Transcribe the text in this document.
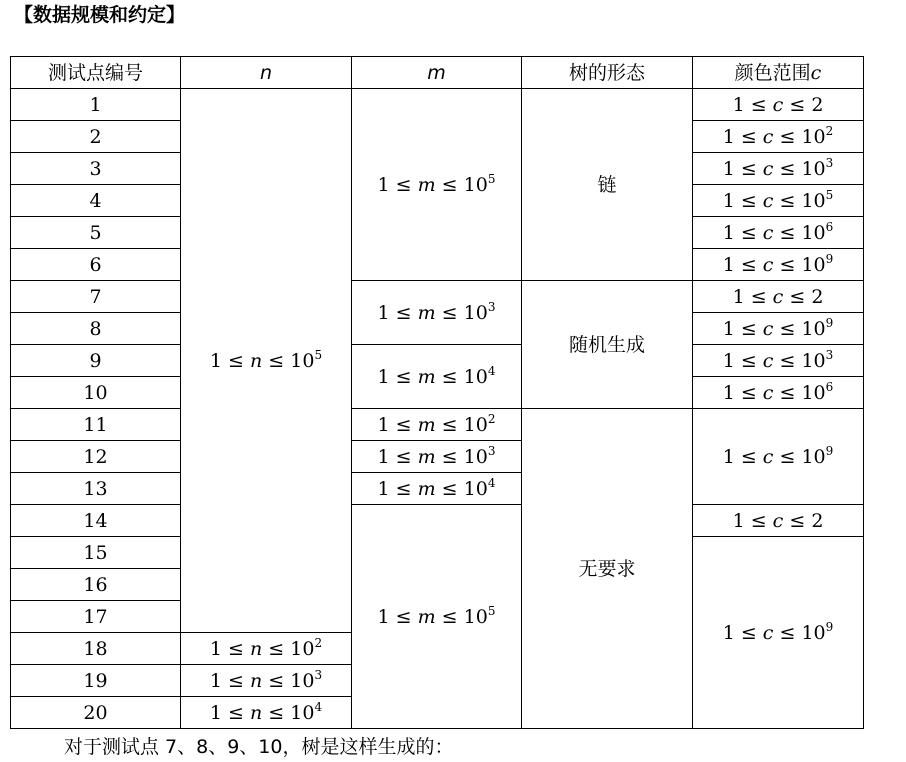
【数据规模和约定】
测试点编号	n	m	树的形态	颜色范围c
1	$1 \le n \le 10^5$	$1 \le m \le 10^5$	链	1 ≤ c ≤ 2
2				$1 \le c \le 10^2$
3				$1 \le c \le 10^3$
4				$1 \le c \le 10^5$
5				$1 \le c \le 10^6$
6				$1 \le c \le 10^9$
7		$1 \le m \le 10^3$	随机生成	1 ≤ c ≤ 2
8				$1 \le c \le 10^9$
9		$1 \le m \le 10^4$		$1 \le c \le 10^3$
10				$1 \le c \le 10^6$
11		$1 \le m \le 10^2$	无要求	$1 \le c \le 10^9$
12		$1 \le m \le 10^3$
13		$1 \le m \le 10^4$
14		$1 \le m \le 10^5$		1 ≤ c ≤ 2
15				$1 \le c \le 10^9$
16				
17				
18	$1 \le n \le 10^2$
19	$1 \le n \le 10^3$
20	$1 \le n \le 10^4$
对于测试点 7、8、9、10，树是这样生成的：
